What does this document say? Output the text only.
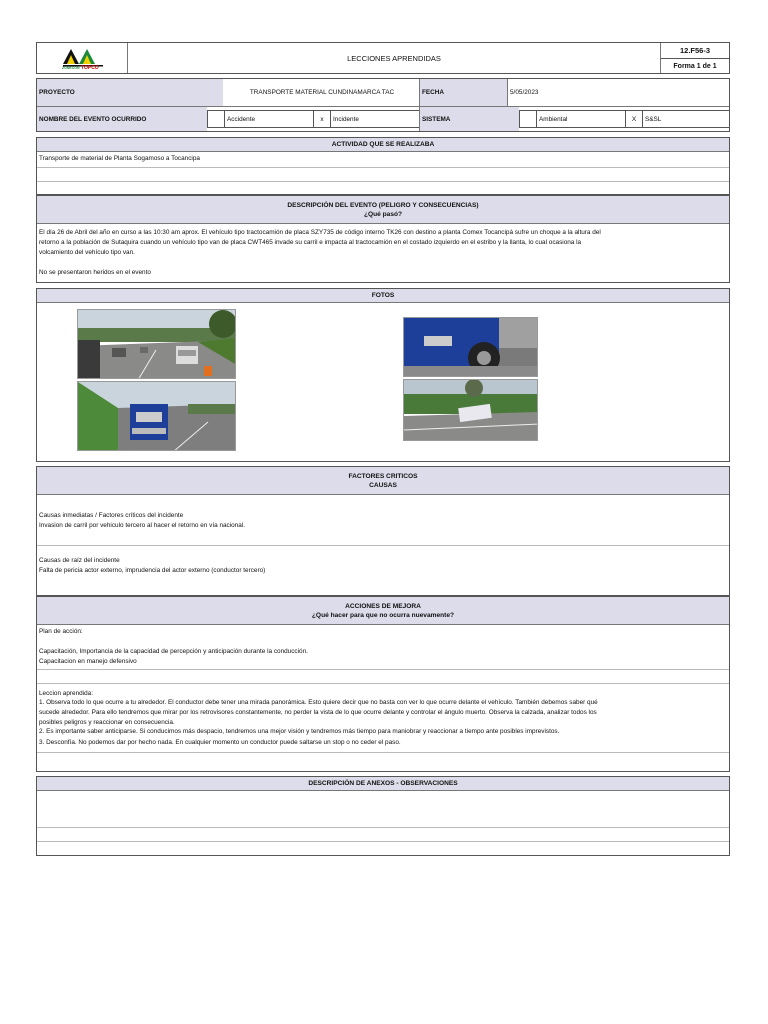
ZONECON TOPCO
LECCIONES APRENDIDAS
12.F56-3
Forma 1 de 1
PROYECTO	TRANSPORTE MATERIAL CUNDINAMARCA TAC	FECHA	5/05/2023
NOMBRE DEL EVENTO OCURRIDO	Accidente	x	Incidente	SISTEMA	Ambiental	X	S&SL
ACTIVIDAD QUE SE REALIZABA
Transporte de material de Planta Sogamoso a Tocancipa
DESCRIPCIÓN DEL EVENTO (PELIGRO Y CONSECUENCIAS)
¿Qué pasó?
El día 26 de Abril del año en curso a las 10:30 am aprox. El vehículo tipo tractocamión de placa SZY735 de código interno TK26 con destino a planta Comex Tocancipá sufre un choque a la altura del
retorno a la población de Sutaquira cuando un vehículo tipo van de placa CWT465 invade su carril e impacta al tractocamión en el costado izquierdo en el estribo y la llanta, lo cual ocasiona la
volcamiento del vehículo tipo van.
No se presentaron heridos en el evento
FOTOS
FACTORES CRITICOS
CAUSAS
Causas inmediatas / Factores críticos del incidente
Invasion de carril por vehiculo tercero al hacer el retorno en vía nacional.
Causas de raíz del incidente
Falta de pericia actor externo, imprudencia del actor externo (conductor tercero)
ACCIONES DE MEJORA
¿Qué hacer para que no ocurra nuevamente?
Plan de acción:
Capacitación, Importancia de la capacidad de percepción y anticipación durante la conducción.
Capacitacion en manejo defensivo
Leccion aprendida:
1. Observa todo lo que ocurre a tu alrededor. El conductor debe tener una mirada panorámica. Esto quiere decir que no basta con ver lo que ocurre delante el vehículo. También debemos saber qué
sucede alrededor. Para ello tendremos que mirar por los retrovisores constantemente, no perder la vista de lo que ocurre delante y controlar el ángulo muerto. Observa la calzada, analizar todos los
posibles peligros y reaccionar en consecuencia.
2. Es importante saber anticiparse. Si conducimos más despacio, tendremos una mejor visión y tendremos más tiempo para maniobrar y reaccionar a tiempo ante posibles imprevistos.
3. Desconfía. No podemos dar por hecho nada. En cualquier momento un conductor puede saltarse un stop o no ceder el paso.
DESCRIPCIÓN DE ANEXOS - OBSERVACIONES
